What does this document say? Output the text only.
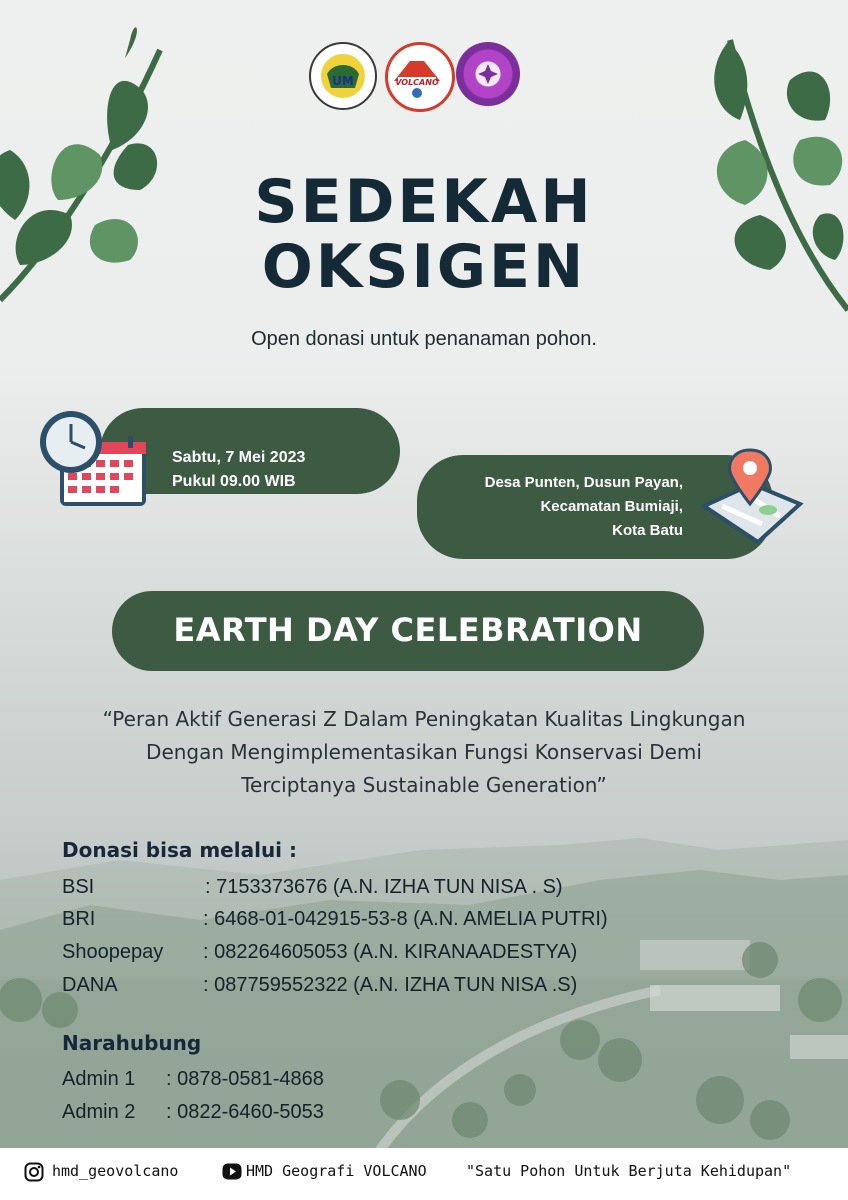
UM	VOLCANO
SEDEKAH
OKSIGEN
Open donasi untuk penanaman pohon.
Sabtu, 7 Mei 2023
Pukul 09.00 WIB	Desa Punten, Dusun Payan,
Kecamatan Bumiaji,
Kota Batu
EARTH DAY CELEBRATION
“Peran Aktif Generasi Z Dalam Peningkatan Kualitas Lingkungan
Dengan Mengimplementasikan Fungsi Konservasi Demi
Terciptanya Sustainable Generation”
Donasi bisa melalui :
BSI	: 7153373676 (A.N. IZHA TUN NISA . S)
BRI	: 6468-01-042915-53-8 (A.N. AMELIA PUTRI)
Shoopepay : 082264605053 (A.N. KIRANAADESTYA)
DANA	: 087759552322 (A.N. IZHA TUN NISA .S)
Narahubung
Admin 1 : 0878-0581-4868
Admin 2 : 0822-6460-5053
hmd_geovolcano	HMD Geografi VOLCANO	"Satu Pohon Untuk Berjuta Kehidupan"
